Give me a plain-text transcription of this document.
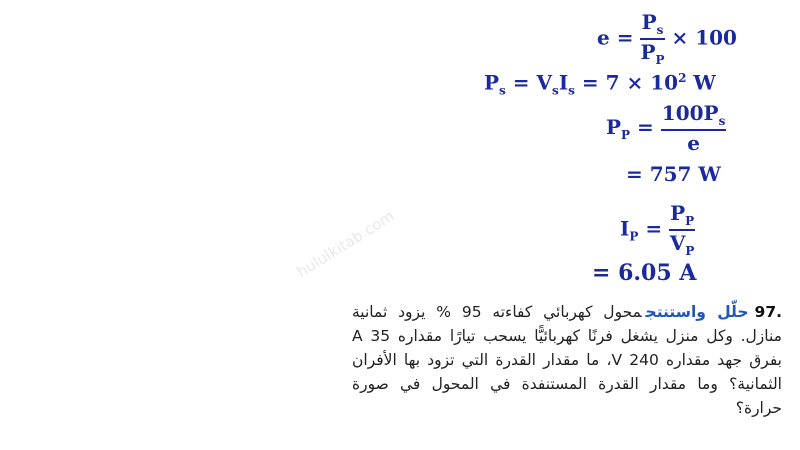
hululkitab.com
$e = \frac{P_s}{P_P} \times 100$
$P_s = V_sI_s = 7 \times 10^2$ W
$P_P = \frac{100P_s}{e}$
= 757 W
$I_P = \frac{P_P}{V_P}$
= 6.05 A
.97حلّل واستنتجمحول كهربائي كفاءته 95 % يزود ثمانية منازل. وكل منزل يشغل فرنًا كهربائيًّا يسحب تيارًا مقداره 35 A بفرق جهد مقداره 240 V، ما مقدار القدرة التي تزود بها الأفران الثمانية؟ وما مقدار القدرة المستنفدة في المحول في صورة حرارة؟
